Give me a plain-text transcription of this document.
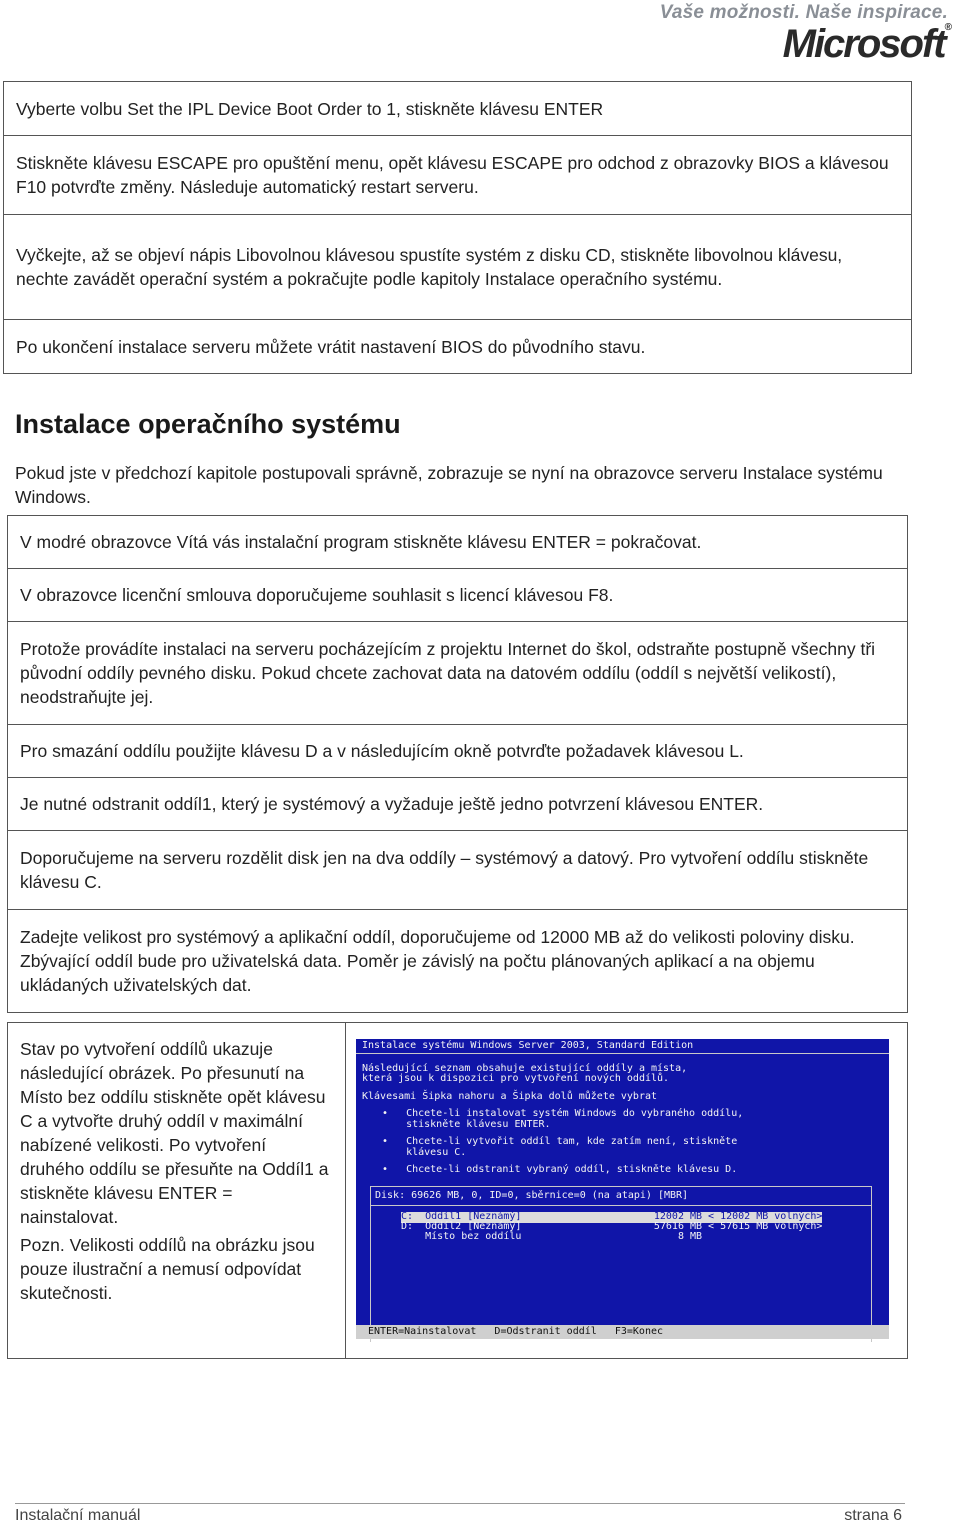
Vaše možnosti. Naše inspirace.
Microsoft®
Vyberte volbu Set the IPL Device Boot Order to 1, stiskněte klávesu ENTER
Stiskněte klávesu ESCAPE pro opuštění menu, opět klávesu ESCAPE pro odchod z obrazovky BIOS a klávesou F10 potvrďte změny. Následuje automatický restart serveru.
Vyčkejte, až se objeví nápis Libovolnou klávesou spustíte systém z disku CD, stiskněte libovolnou klávesu, nechte zavádět operační systém a pokračujte podle kapitoly Instalace operačního systému.
Po ukončení instalace serveru můžete vrátit nastavení BIOS do původního stavu.
Instalace operačního systému
Pokud jste v předchozí kapitole postupovali správně, zobrazuje se nyní na obrazovce serveru Instalace systému Windows.
V modré obrazovce Vítá vás instalační program stiskněte klávesu ENTER = pokračovat.
V obrazovce licenční smlouva doporučujeme souhlasit s licencí klávesou F8.
Protože provádíte instalaci na serveru pocházejícím z projektu Internet do škol, odstraňte postupně všechny tři původní oddíly pevného disku. Pokud chcete zachovat data na datovém oddílu (oddíl s největší velikostí), neodstraňujte jej.
Pro smazání oddílu použijte klávesu D a v následujícím okně potvrďte požadavek klávesou L.
Je nutné odstranit oddíl1, který je systémový a vyžaduje ještě jedno potvrzení klávesou ENTER.
Doporučujeme na serveru rozdělit disk jen na dva oddíly – systémový a datový. Pro vytvoření oddílu stiskněte klávesu C.
Zadejte velikost pro systémový a aplikační oddíl, doporučujeme od 12000 MB až do velikosti poloviny disku. Zbývající oddíl bude pro uživatelská data. Poměr je závislý na počtu plánovaných aplikací a na objemu ukládaných uživatelských dat.
Stav po vytvoření oddílů ukazuje následující obrázek. Po přesunutí na Místo bez oddílu stiskněte opět klávesu C a vytvořte druhý oddíl v maximální nabízené velikosti. Po vytvoření druhého oddílu se přesuňte na Oddíl1 a stiskněte klávesu ENTER = nainstalovat.
Pozn. Velikosti oddílů na obrázku jsou pouze ilustrační a nemusí odpovídat skutečnosti.

Instalace systému Windows Server 2003, Standard Edition
Následující seznam obsahuje existující oddíly a místa,
která jsou k dispozici pro vytvoření nových oddílů.
Klávesami Šipka nahoru a Šipka dolů můžete vybrat
•   Chcete-li instalovat systém Windows do vybraného oddílu,
stiskněte klávesu ENTER.
•   Chcete-li vytvořit oddíl tam, kde zatím není, stiskněte
klávesu C.
•   Chcete-li odstranit vybraný oddíl, stiskněte klávesu D.
Disk: 69626 MB, 0, ID=0, sběrnice=0 (na atapi) [MBR]
C:  Oddíl1 [Neznámý]                      12002 MB < 12002 MB volných>
D:  Oddíl2 [Neznámý]                      57616 MB < 57615 MB volných>
Místo bez oddílu                          8 MB
ENTER=Nainstalovat   D=Odstranit oddíl   F3=Konec
Instalační manuál	strana 6
